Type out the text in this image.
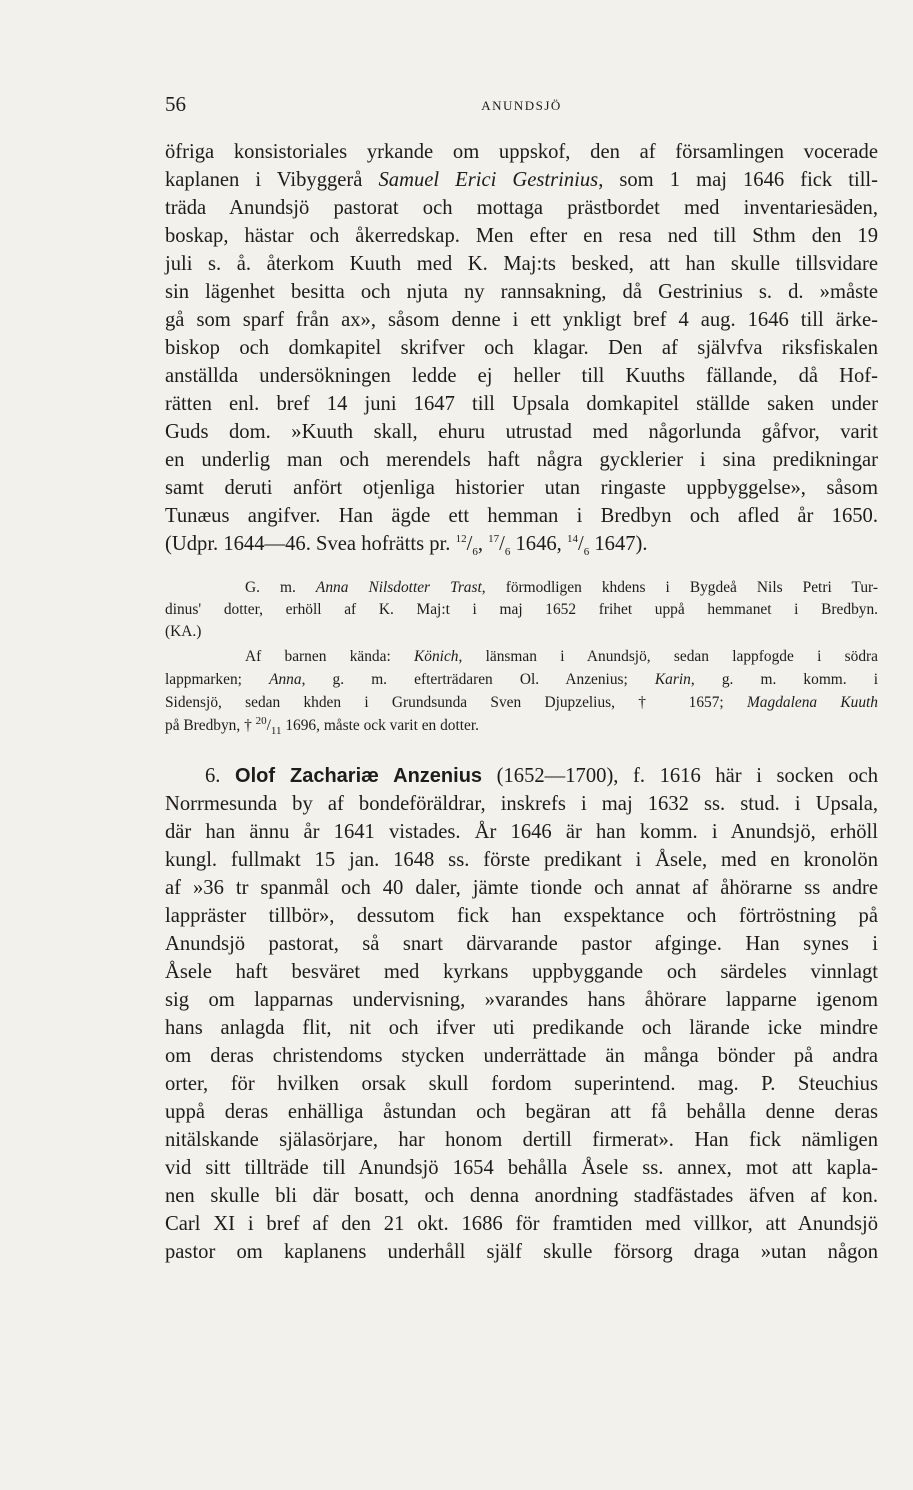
56	ANUNDSJÖ
öfriga konsistoriales yrkande om uppskof, den af församlingen vocerade
kaplanen i Vibyggerå Samuel Erici Gestrinius, som 1 maj 1646 fick till-
träda Anundsjö pastorat och mottaga prästbordet med inventariesäden,
boskap, hästar och åkerredskap. Men efter en resa ned till Sthm den 19
juli s. å. återkom Kuuth med K. Maj:ts besked, att han skulle tillsvidare
sin lägenhet besitta och njuta ny rannsakning, då Gestrinius s. d. »måste
gå som sparf från ax», såsom denne i ett ynkligt bref 4 aug. 1646 till ärke-
biskop och domkapitel skrifver och klagar. Den af självfva riksfiskalen
anställda undersökningen ledde ej heller till Kuuths fällande, då Hof-
rätten enl. bref 14 juni 1647 till Upsala domkapitel ställde saken under
Guds dom. »Kuuth skall, ehuru utrustad med någorlunda gåfvor, varit
en underlig man och merendels haft några gycklerier i sina predikningar
samt deruti anfört otjenliga historier utan ringaste uppbyggelse», såsom
Tunæus angifver. Han ägde ett hemman i Bredbyn och afled år 1650.
(Udpr. 1644—46. Svea hofrätts pr. $^{12}/_6$, $^{17}/_6$ 1646, $^{14}/_6$ 1647).
G. m. Anna Nilsdotter Trast, förmodligen khdens i Bygdeå Nils Petri Tur-
dinus' dotter, erhöll af K. Maj:t i maj 1652 frihet uppå hemmanet i Bredbyn.
(KA.)
Af barnen kända: Könich, länsman i Anundsjö, sedan lappfogde i södra
lappmarken; Anna, g. m. efterträdaren Ol. Anzenius; Karin, g. m. komm. i
Sidensjö, sedan khden i Grundsunda Sven Djupzelius, † 1657; Magdalena Kuuth
på Bredbyn, † $^{20}/_{11}$ 1696, måste ock varit en dotter.
6. Olof Zachariæ Anzenius (1652—1700), f. 1616 här i socken och
Norrmesunda by af bondeföräldrar, inskrefs i maj 1632 ss. stud. i Upsala,
där han ännu år 1641 vistades. År 1646 är han komm. i Anundsjö, erhöll
kungl. fullmakt 15 jan. 1648 ss. förste predikant i Åsele, med en kronolön
af »36 tr spanmål och 40 daler, jämte tionde och annat af åhörarne ss andre
lappräster tillbör», dessutom fick han exspektance och förtröstning på
Anundsjö pastorat, så snart därvarande pastor afginge. Han synes i
Åsele haft besväret med kyrkans uppbyggande och särdeles vinnlagt
sig om lapparnas undervisning, »varandes hans åhörare lapparne igenom
hans anlagda flit, nit och ifver uti predikande och lärande icke mindre
om deras christendoms stycken underrättade än många bönder på andra
orter, för hvilken orsak skull fordom superintend. mag. P. Steuchius
uppå deras enhälliga åstundan och begäran att få behålla denne deras
nitälskande själasörjare, har honom dertill firmerat». Han fick nämligen
vid sitt tillträde till Anundsjö 1654 behålla Åsele ss. annex, mot att kapla-
nen skulle bli där bosatt, och denna anordning stadfästades äfven af kon.
Carl XI i bref af den 21 okt. 1686 för framtiden med villkor, att Anundsjö
pastor om kaplanens underhåll själf skulle försorg draga »utan någon
